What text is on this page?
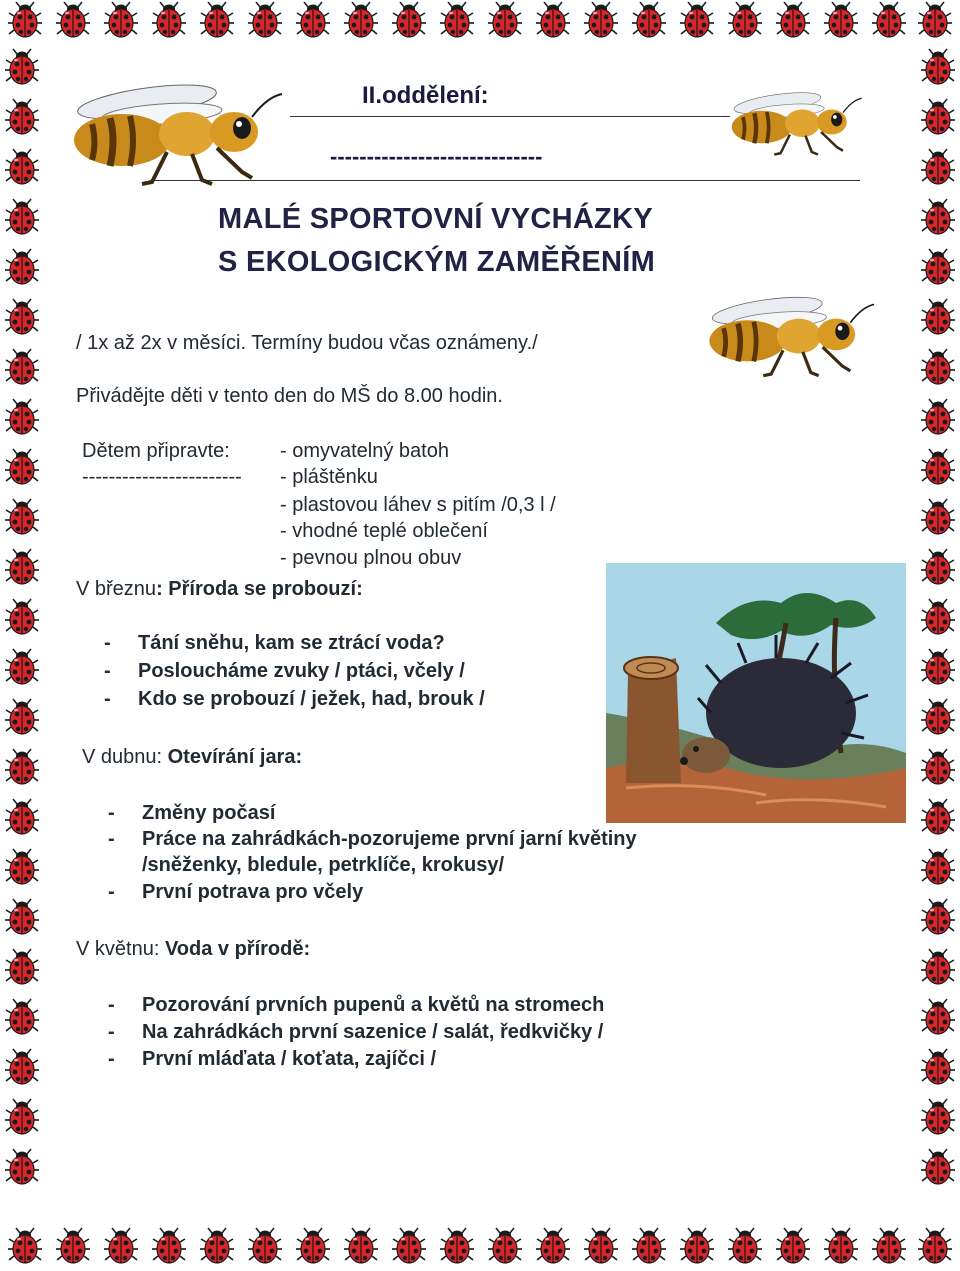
II.oddělení:
-----------------------------
MALÉ SPORTOVNÍ VYCHÁZKY
S EKOLOGICKÝM ZAMĚŘENÍM
/ 1x až 2x v měsíci. Termíny budou včas oznámeny./
Přivádějte děti v tento den do MŠ do 8.00 hodin.
Dětem připravte:
------------------------
- omyvatelný batoh
- pláštěnku
- plastovou láhev s pitím /0,3 l /
- vhodné teplé oblečení
- pevnou plnou obuv
V březnu: Příroda se probouzí:
- Tání sněhu, kam se ztrácí voda?
- Posloucháme zvuky / ptáci, včely /
- Kdo se probouzí / ježek, had, brouk /
V dubnu: Otevírání jara:
- Změny počasí
- Práce na zahrádkách-pozorujeme první jarní květiny
/sněženky, bledule, petrklíče, krokusy/
- První potrava pro včely
V květnu: Voda v přírodě:
- Pozorování prvních pupenů a květů na stromech
- Na zahrádkách první sazenice / salát, ředkvičky /
- První mláďata / koťata, zajíčci /
